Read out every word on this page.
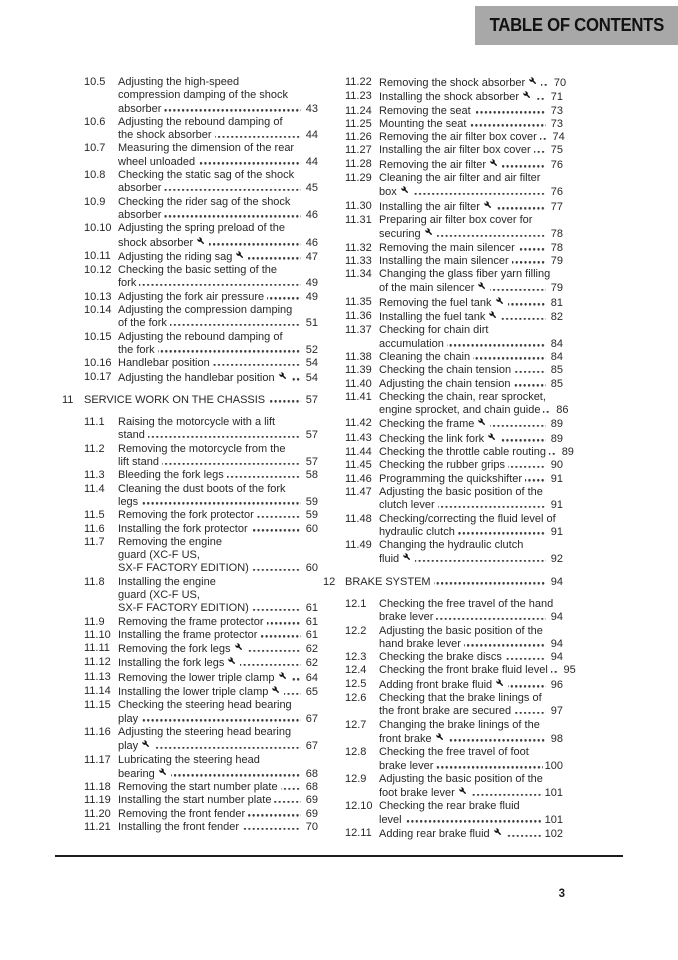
TABLE OF CONTENTS
10.5	Adjusting the high-speed
compression damping of the shock
absorber	43
10.6	Adjusting the rebound damping of
the shock absorber	44
10.7	Measuring the dimension of the rear
wheel unloaded	44
10.8	Checking the static sag of the shock
absorber	45
10.9	Checking the rider sag of the shock
absorber	46
10.10 Adjusting the spring preload of the
shock absorber	46
10.11 Adjusting the riding sag	47
10.12 Checking the basic setting of the
fork	49
10.13 Adjusting the fork air pressure	49
10.14 Adjusting the compression damping
of the fork	51
10.15 Adjusting the rebound damping of
the fork	52
10.16 Handlebar position	54
10.17 Adjusting the handlebar position	54
11 SERVICE WORK ON THE CHASSIS	57
11.1	Raising the motorcycle with a lift
stand	57
11.2	Removing the motorcycle from the
lift stand	57
11.3	Bleeding the fork legs	58
11.4	Cleaning the dust boots of the fork
legs	59
11.5	Removing the fork protector	59
11.6	Installing the fork protector	60
11.7	Removing the engine
guard (XC-F US,
SX-F FACTORY EDITION)	60
11.8	Installing the engine
guard (XC-F US,
SX-F FACTORY EDITION)	61
11.9	Removing the frame protector	61
11.10 Installing the frame protector	61
11.11 Removing the fork legs	62
11.12 Installing the fork legs	62
11.13 Removing the lower triple clamp	64
11.14 Installing the lower triple clamp	65
11.15 Checking the steering head bearing
play	67
11.16 Adjusting the steering head bearing
play	67
11.17 Lubricating the steering head
bearing	68
11.18 Removing the start number plate	68
11.19 Installing the start number plate	69
11.20 Removing the front fender	69
11.21 Installing the front fender	70
11.22 Removing the shock absorber	70
11.23 Installing the shock absorber	71
11.24 Removing the seat	73
11.25 Mounting the seat	73
11.26 Removing the air filter box cover 74
11.27 Installing the air filter box cover 75
11.28 Removing the air filter	76
11.29 Cleaning the air filter and air filter
box	76
11.30 Installing the air filter	77
11.31 Preparing air filter box cover for
securing	78
11.32 Removing the main silencer	78
11.33 Installing the main silencer	79
11.34 Changing the glass fiber yarn filling
of the main silencer	79
11.35 Removing the fuel tank	81
11.36 Installing the fuel tank	82
11.37 Checking for chain dirt
accumulation	84
11.38 Cleaning the chain	84
11.39 Checking the chain tension	85
11.40 Adjusting the chain tension	85
11.41 Checking the chain, rear sprocket,
engine sprocket, and chain guide 86
11.42 Checking the frame	89
11.43 Checking the link fork	89
11.44 Checking the throttle cable routing 89
11.45 Checking the rubber grips	90
11.46 Programming the quickshifter	91
11.47 Adjusting the basic position of the
clutch lever	91
11.48 Checking/correcting the fluid level of
hydraulic clutch	91
11.49 Changing the hydraulic clutch
fluid	92
12 BRAKE SYSTEM	94
12.1	Checking the free travel of the hand
brake lever	94
12.2	Adjusting the basic position of the
hand brake lever	94
12.3	Checking the brake discs	94
12.4	Checking the front brake fluid level 95
12.5	Adding front brake fluid	96
12.6	Checking that the brake linings of
the front brake are secured	97
12.7	Changing the brake linings of the
front brake	98
12.8	Checking the free travel of foot
brake lever	100
12.9	Adjusting the basic position of the
foot brake lever	101
12.10 Checking the rear brake fluid
level	101
12.11 Adding rear brake fluid	102
3
